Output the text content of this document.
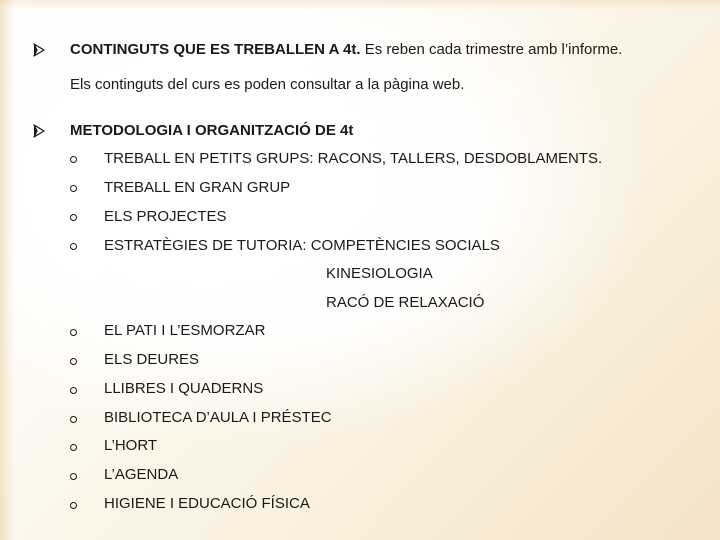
CONTINGUTS QUE ES TREBALLEN A 4t. Es reben cada trimestre amb l’informe.
Els continguts del curs es poden consultar a la pàgina web.
METODOLOGIA I ORGANITZACIÓ DE 4t
TREBALL EN PETITS GRUPS: RACONS, TALLERS, DESDOBLAMENTS.
TREBALL EN GRAN GRUP
ELS PROJECTES
ESTRATÈGIES DE TUTORIA: COMPETÈNCIES SOCIALS
KINESIOLOGIA
RACÓ DE RELAXACIÓ
EL PATI I L’ESMORZAR
ELS DEURES
LLIBRES I QUADERNS
BIBLIOTECA D’AULA I PRÉSTEC
L’HORT
L’AGENDA
HIGIENE I EDUCACIÓ FÍSICA
